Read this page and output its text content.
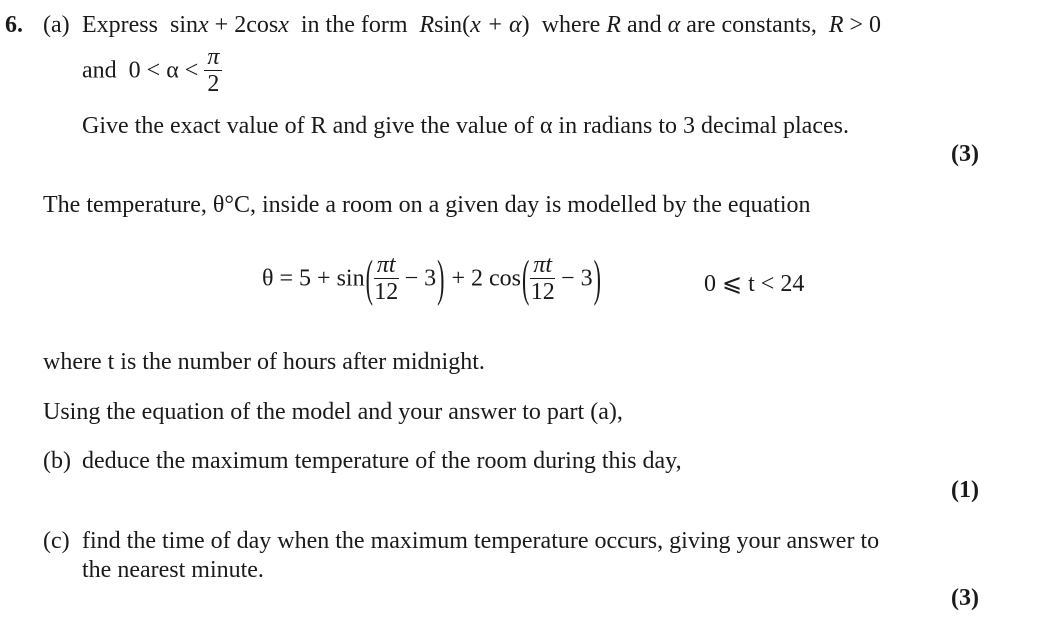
6. (a) Express sinx + 2cosx in the form Rsin(x + α) where R and α are constants, R > 0
and $0 < \alpha < \frac{\pi}{2}$
Give the exact value of R and give the value of α in radians to 3 decimal places.
(3)
The temperature, θ°C, inside a room on a given day is modelled by the equation
$\theta = 5 + \sin( \frac{\pi t}{12} - 3) + 2$ $\cos( \frac{\pi t}{12} - 3)$	0 ⩽ t < 24
where t is the number of hours after midnight.
Using the equation of the model and your answer to part (a),
(b) deduce the maximum temperature of the room during this day,
(1)
(c) find the time of day when the maximum temperature occurs, giving your answer to
the nearest minute.
(3)
